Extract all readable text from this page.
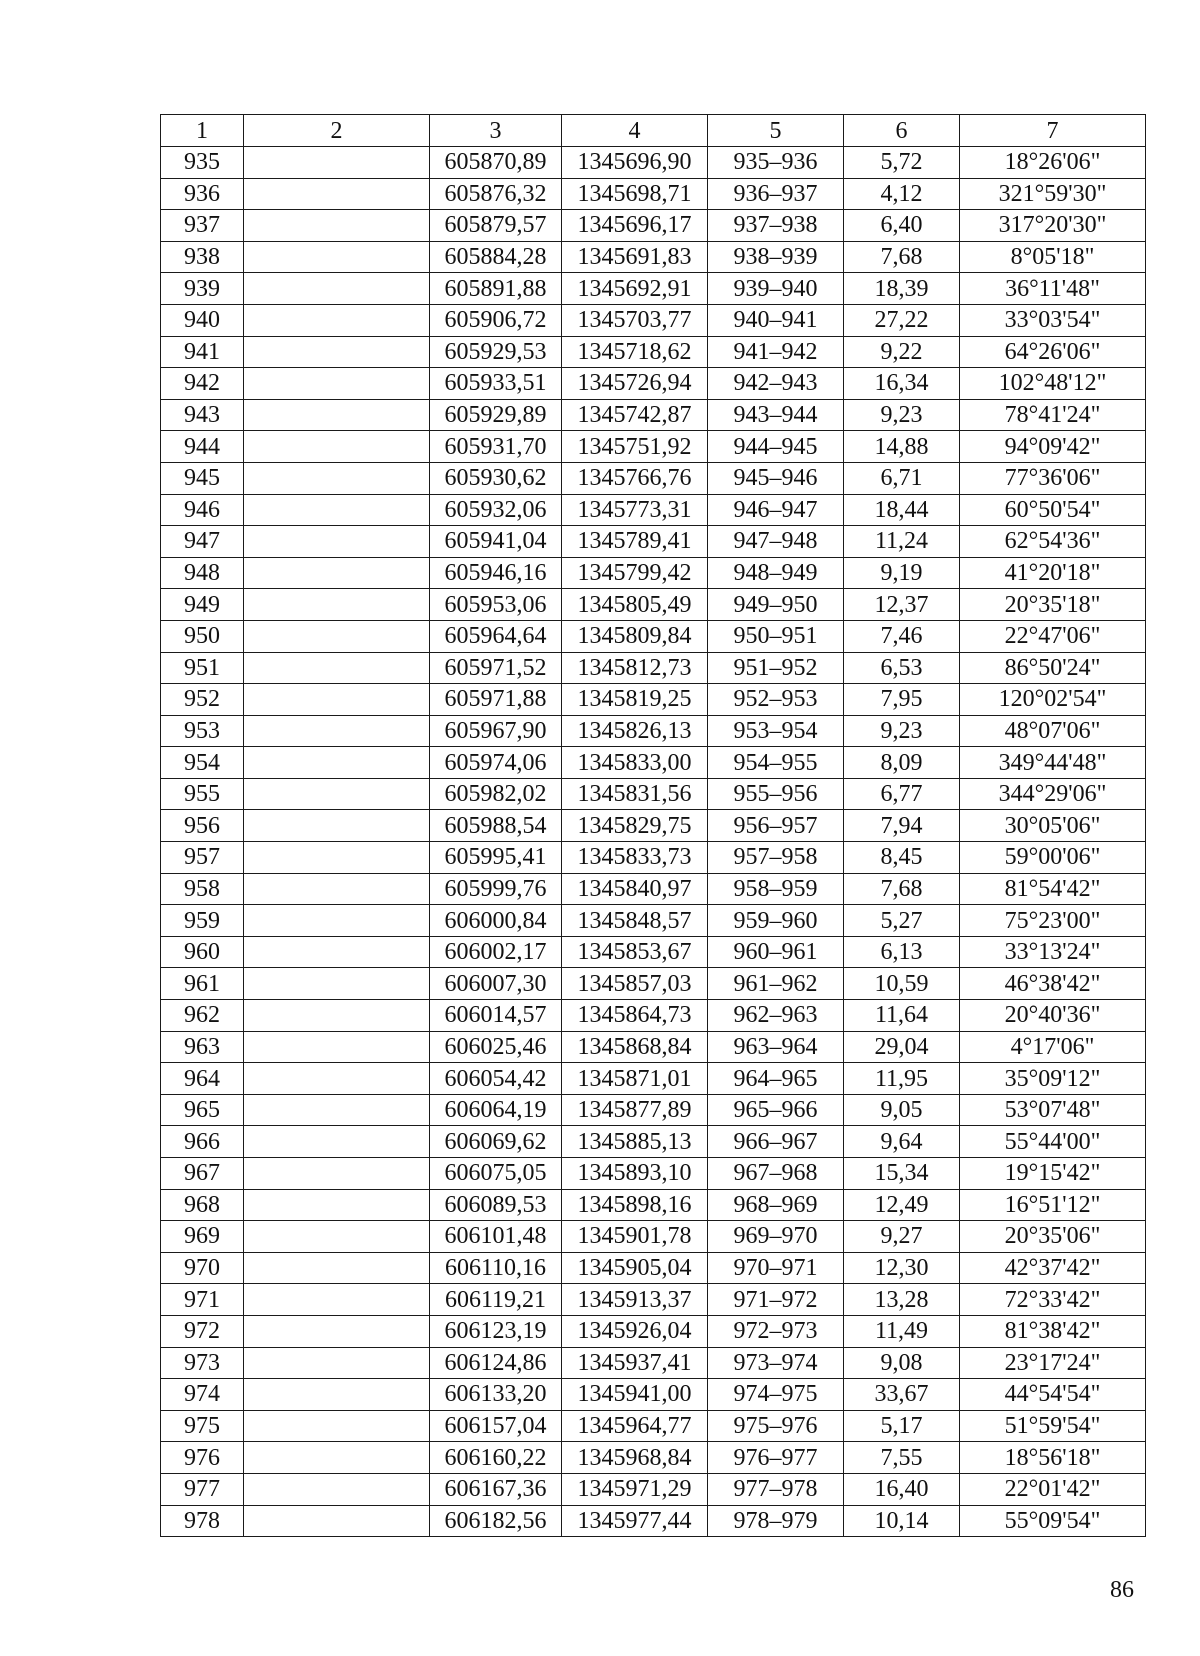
1	2	3	4	5	6	7
935		605870,89	1345696,90	935–936	5,72	18°26'06"
936		605876,32	1345698,71	936–937	4,12	321°59'30"
937		605879,57	1345696,17	937–938	6,40	317°20'30"
938		605884,28	1345691,83	938–939	7,68	8°05'18"
939		605891,88	1345692,91	939–940	18,39	36°11'48"
940		605906,72	1345703,77	940–941	27,22	33°03'54"
941		605929,53	1345718,62	941–942	9,22	64°26'06"
942		605933,51	1345726,94	942–943	16,34	102°48'12"
943		605929,89	1345742,87	943–944	9,23	78°41'24"
944		605931,70	1345751,92	944–945	14,88	94°09'42"
945		605930,62	1345766,76	945–946	6,71	77°36'06"
946		605932,06	1345773,31	946–947	18,44	60°50'54"
947		605941,04	1345789,41	947–948	11,24	62°54'36"
948		605946,16	1345799,42	948–949	9,19	41°20'18"
949		605953,06	1345805,49	949–950	12,37	20°35'18"
950		605964,64	1345809,84	950–951	7,46	22°47'06"
951		605971,52	1345812,73	951–952	6,53	86°50'24"
952		605971,88	1345819,25	952–953	7,95	120°02'54"
953		605967,90	1345826,13	953–954	9,23	48°07'06"
954		605974,06	1345833,00	954–955	8,09	349°44'48"
955		605982,02	1345831,56	955–956	6,77	344°29'06"
956		605988,54	1345829,75	956–957	7,94	30°05'06"
957		605995,41	1345833,73	957–958	8,45	59°00'06"
958		605999,76	1345840,97	958–959	7,68	81°54'42"
959		606000,84	1345848,57	959–960	5,27	75°23'00"
960		606002,17	1345853,67	960–961	6,13	33°13'24"
961		606007,30	1345857,03	961–962	10,59	46°38'42"
962		606014,57	1345864,73	962–963	11,64	20°40'36"
963		606025,46	1345868,84	963–964	29,04	4°17'06"
964		606054,42	1345871,01	964–965	11,95	35°09'12"
965		606064,19	1345877,89	965–966	9,05	53°07'48"
966		606069,62	1345885,13	966–967	9,64	55°44'00"
967		606075,05	1345893,10	967–968	15,34	19°15'42"
968		606089,53	1345898,16	968–969	12,49	16°51'12"
969		606101,48	1345901,78	969–970	9,27	20°35'06"
970		606110,16	1345905,04	970–971	12,30	42°37'42"
971		606119,21	1345913,37	971–972	13,28	72°33'42"
972		606123,19	1345926,04	972–973	11,49	81°38'42"
973		606124,86	1345937,41	973–974	9,08	23°17'24"
974		606133,20	1345941,00	974–975	33,67	44°54'54"
975		606157,04	1345964,77	975–976	5,17	51°59'54"
976		606160,22	1345968,84	976–977	7,55	18°56'18"
977		606167,36	1345971,29	977–978	16,40	22°01'42"
978		606182,56	1345977,44	978–979	10,14	55°09'54"
86
